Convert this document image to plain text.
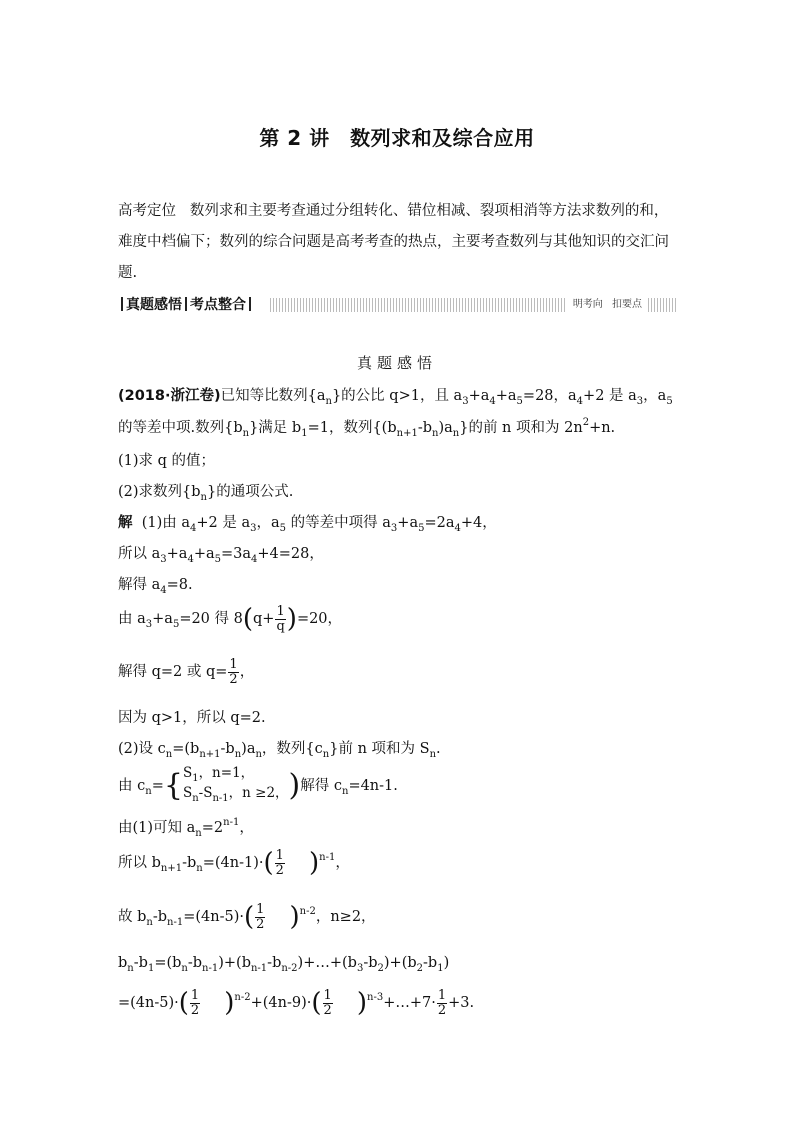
第 2 讲　数列求和及综合应用
高考定位 数列求和主要考查通过分组转化、错位相减、裂项相消等方法求数列的和，难度中档偏下；数列的综合问题是高考考查的热点，主要考查数列与其他知识的交汇问题.
真题感悟 考点整合	明考向 扣要点
真题感悟
(2018·浙江卷)已知等比数列$\{a_n\}$的公比 q>1，且 $a_3+a_4+a_5=28$，$a_4+2$ 是 $a_3$，$a_5$
的等差中项.数列$\{b_n\}$满足 $b_1=1$，数列$\{(b_{n+1}-b_n)a_n\}$的前 n 项和为 $2n^2+n$.
(1)求 q 的值；
(2)求数列$\{b_n\}$的通项公式.
解 (1)由 $a_4+2$ 是 $a_3$，$a_5$ 的等差中项得 $a_3+a_5=2a_4+4$，
所以 $a_3+a_4+a_5=3a_4+4=28$，
解得 $a_4=8$.
由 $a_3+a_5=20$ 得 $8(q+ \frac{1}{q} )=20$，
解得 q=2 或 $q= \frac{1}{2}$ ，
因为 q>1，所以 q=2.
(2)设 $c_n=(b_{n+1}-b_n)a_n$，数列$\{c_n\}$前 n 项和为 $S_n$.
由 $c_n=${ $S_1$，n=1，
$S_n-S_{n-1}$，n ≥2， )解得 $c_n=4n-1$.
由(1)可知 $a_n=2^{n-1}$，
所以 $b_{n+1}-b_n=(4n-1)\cdot( \frac{1}{2} )^{n-1}$，
故 $b_n-b_{n-1}=(4n-5)\cdot( \frac{1}{2} )^{n-2}$，n≥2，
$b_n-b_1=(b_n-b_{n-1})+(b_{n-1}-b_{n-2})+\dots+(b_3-b_2)+(b_2-b_1)$
$=(4n-5)\cdot( \frac{1}{2} )^{n-2}+(4n-9)\cdot( \frac{1}{2}$ )$^{n-3}+\dots+7\cdot \frac{1}{2} +3$.
